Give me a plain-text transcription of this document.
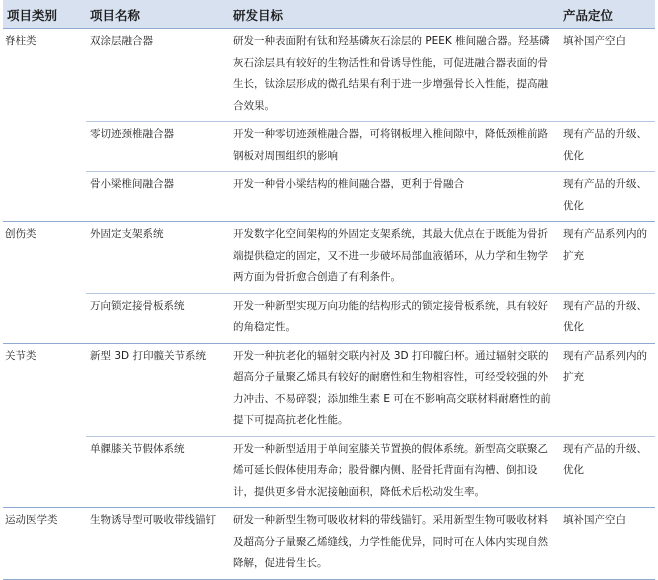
项目类别	项目名称	研发目标	产品定位
脊柱类	双涂层融合器	研发一种表面附有钛和羟基磷灰石涂层的 PEEK 椎间融合器。羟基磷灰石涂层具有较好的生物活性和骨诱导性能，可促进融合器表面的骨生长，钛涂层形成的微孔结果有利于进一步增强骨长入性能，提高融合效果。	填补国产空白
	零切迹颈椎融合器	开发一种零切迹颈椎融合器，可将钢板埋入椎间隙中，降低颈椎前路钢板对周围组织的影响	现有产品的升级、优化
	骨小梁椎间融合器	开发一种骨小梁结构的椎间融合器，更利于骨融合	现有产品的升级、优化
创伤类	外固定支架系统	开发数字化空间架构的外固定支架系统，其最大优点在于既能为骨折端提供稳定的固定，又不进一步破坏局部血液循环，从力学和生物学两方面为骨折愈合创造了有利条件。	现有产品系列内的扩充
	万向锁定接骨板系统	开发一种新型实现万向功能的结构形式的锁定接骨板系统，具有较好的角稳定性。	现有产品的升级、优化
关节类	新型 3D 打印髋关节系统	开发一种抗老化的辐射交联内衬及 3D 打印髋臼杯。通过辐射交联的超高分子量聚乙烯具有较好的耐磨性和生物相容性，可经受较强的外力冲击、不易碎裂；添加维生素 E 可在不影响高交联材料耐磨性的前提下可提高抗老化性能。	现有产品系列内的扩充
	单髁膝关节假体系统	开发一种新型适用于单间室膝关节置换的假体系统。新型高交联聚乙烯可延长假体使用寿命；股骨髁内侧、胫骨托背面有沟槽、倒扣设计，提供更多骨水泥接触面积，降低术后松动发生率。	现有产品的升级、优化
运动医学类	生物诱导型可吸收带线锚钉	研发一种新型生物可吸收材料的带线锚钉。采用新型生物可吸收材料及超高分子量聚乙烯缝线，力学性能优异，同时可在人体内实现自然降解，促进骨生长。	填补国产空白
